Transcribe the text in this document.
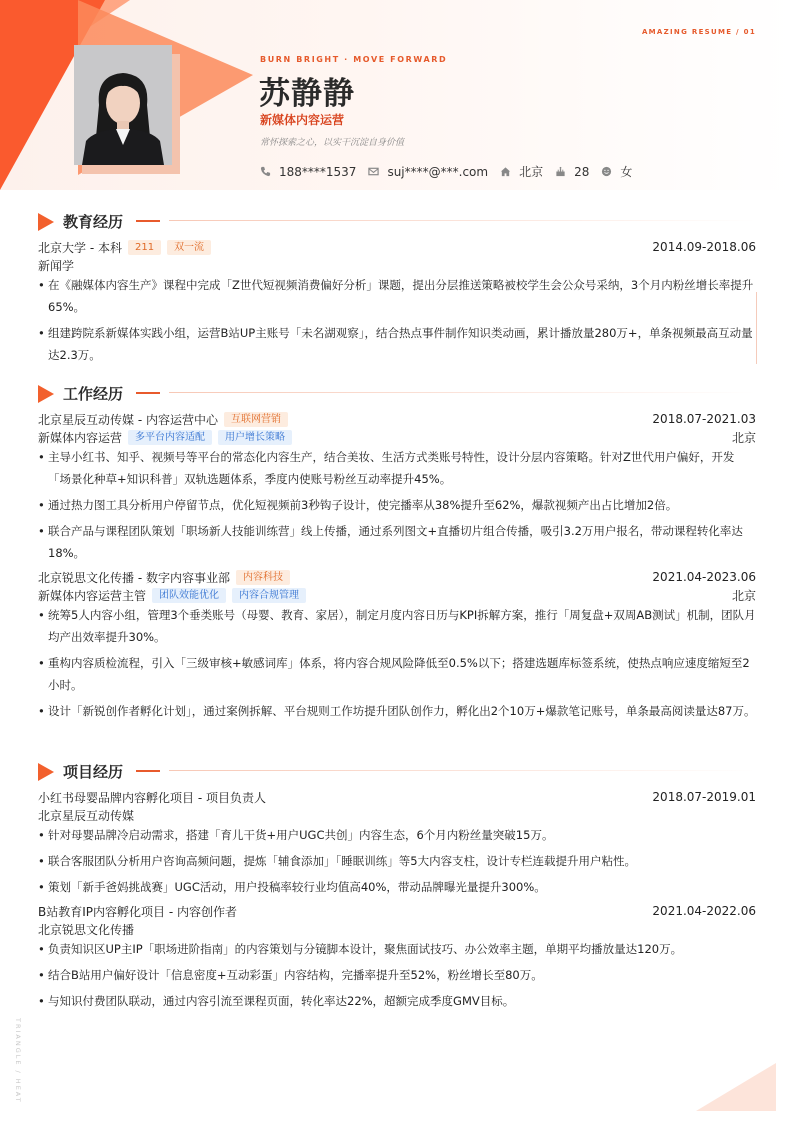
AMAZING RESUME / 01
BURN BRIGHT · MOVE FORWARD
苏静静
新媒体内容运营
常怀探索之心，以实干沉淀自身价值
188****1537	suj****@***.com	北京	28	女
教育经历
北京大学 - 本科	211	双一流	2014.09-2018.06
新闻学
• 在《融媒体内容生产》课程中完成「Z世代短视频消费偏好分析」课题，提出分层推送策略被校学生会公众号采纳，3个月内粉丝增长率提升65%。
• 组建跨院系新媒体实践小组，运营B站UP主账号「未名湖观察」，结合热点事件制作知识类动画，累计播放量280万+，单条视频最高互动量达2.3万。
工作经历
北京星辰互动传媒 - 内容运营中心	互联网营销	2018.07-2021.03
新媒体内容运营	多平台内容适配	用户增长策略	北京
• 主导小红书、知乎、视频号等平台的常态化内容生产，结合美妆、生活方式类账号特性，设计分层内容策略。针对Z世代用户偏好，开发「场景化种草+知识科普」双轨选题体系，季度内使账号粉丝互动率提升45%。
• 通过热力图工具分析用户停留节点，优化短视频前3秒钩子设计，使完播率从38%提升至62%，爆款视频产出占比增加2倍。
• 联合产品与课程团队策划「职场新人技能训练营」线上传播，通过系列图文+直播切片组合传播，吸引3.2万用户报名，带动课程转化率达18%。
北京锐思文化传播 - 数字内容事业部	内容科技	2021.04-2023.06
新媒体内容运营主管	团队效能优化	内容合规管理	北京
• 统筹5人内容小组，管理3个垂类账号（母婴、教育、家居），制定月度内容日历与KPI拆解方案，推行「周复盘+双周AB测试」机制，团队月均产出效率提升30%。
• 重构内容质检流程，引入「三级审核+敏感词库」体系，将内容合规风险降低至0.5%以下；搭建选题库标签系统，使热点响应速度缩短至2小时。
• 设计「新锐创作者孵化计划」，通过案例拆解、平台规则工作坊提升团队创作力，孵化出2个10万+爆款笔记账号，单条最高阅读量达87万。
项目经历
小红书母婴品牌内容孵化项目 - 项目负责人	2018.07-2019.01
北京星辰互动传媒
• 针对母婴品牌冷启动需求，搭建「育儿干货+用户UGC共创」内容生态，6个月内粉丝量突破15万。
• 联合客服团队分析用户咨询高频问题，提炼「辅食添加」「睡眠训练」等5大内容支柱，设计专栏连载提升用户粘性。
• 策划「新手爸妈挑战赛」UGC活动，用户投稿率较行业均值高40%，带动品牌曝光量提升300%。
B站教育IP内容孵化项目 - 内容创作者	2021.04-2022.06
北京锐思文化传播
• 负责知识区UP主IP「职场进阶指南」的内容策划与分镜脚本设计，聚焦面试技巧、办公效率主题，单期平均播放量达120万。
• 结合B站用户偏好设计「信息密度+互动彩蛋」内容结构，完播率提升至52%，粉丝增长至80万。
• 与知识付费团队联动，通过内容引流至课程页面，转化率达22%，超额完成季度GMV目标。
TRIANGLE / HEAT
